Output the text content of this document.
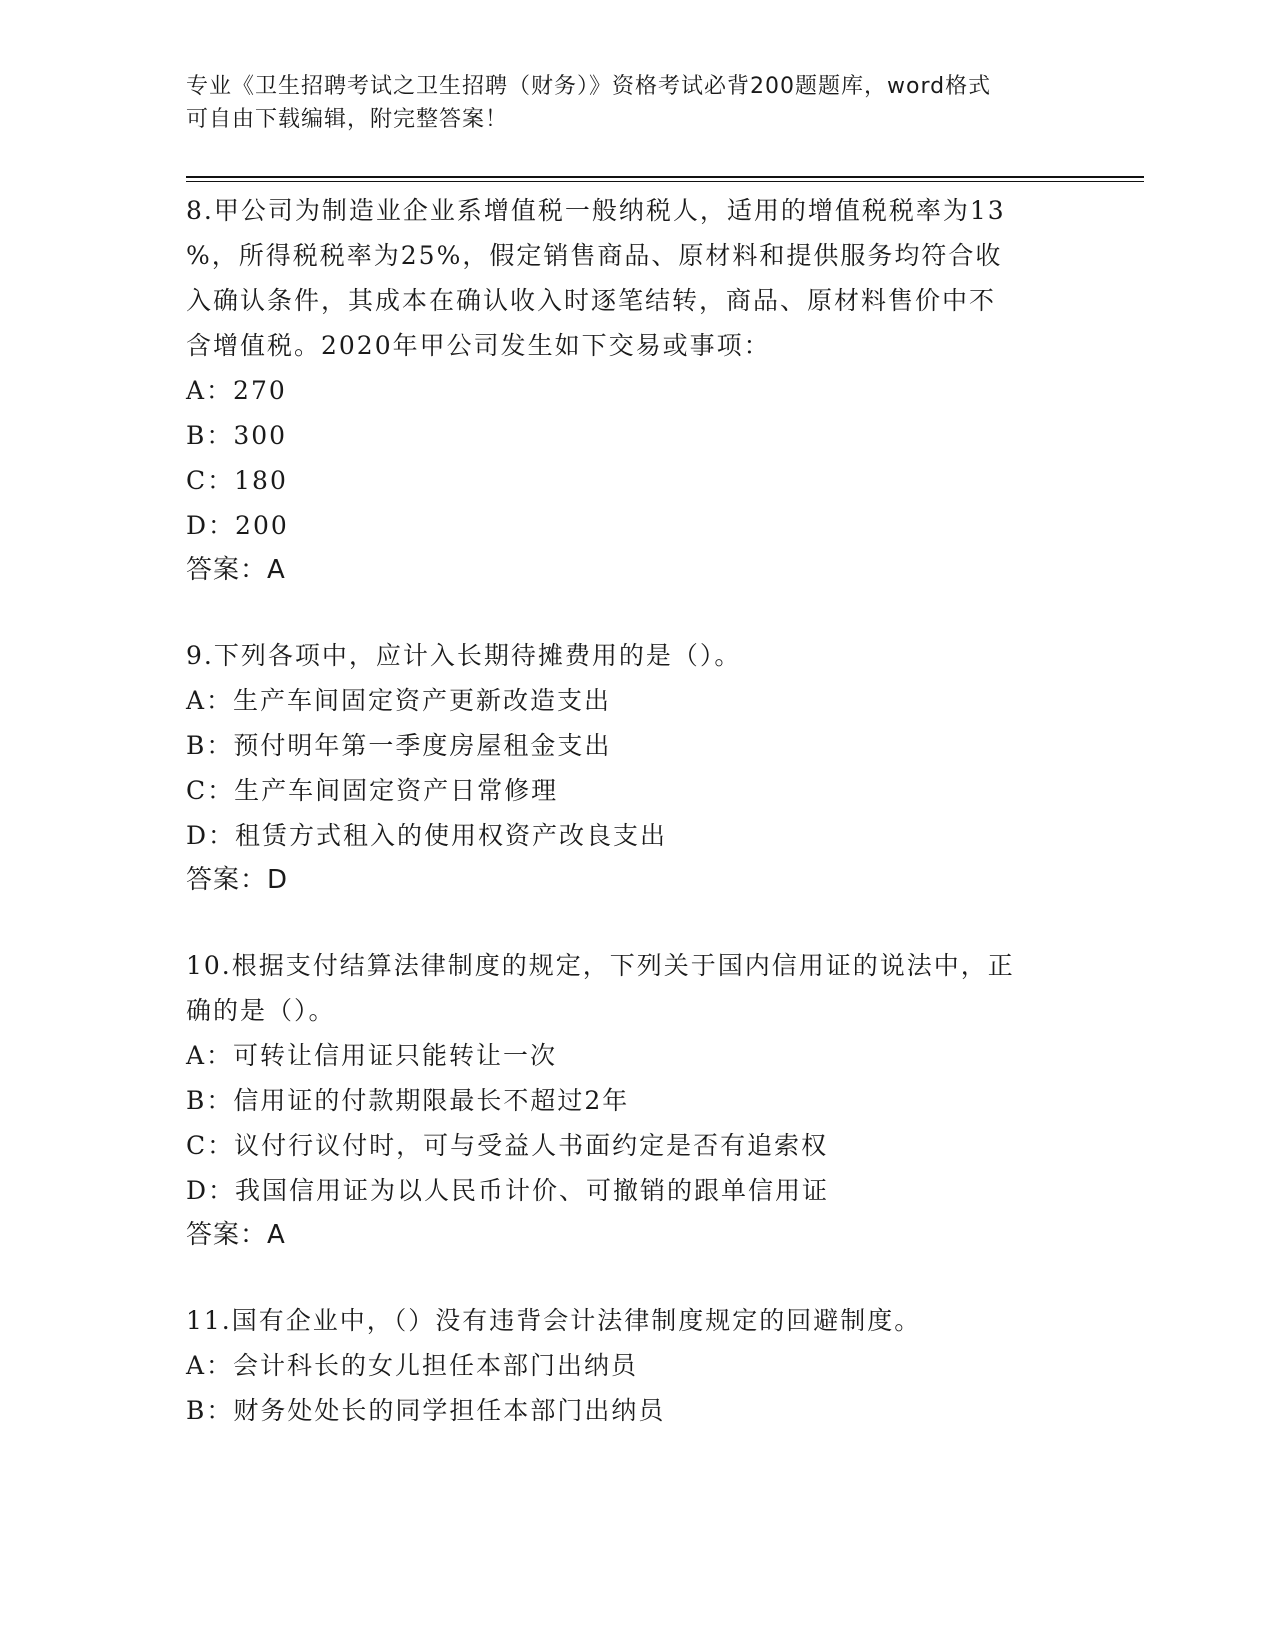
专业《卫生招聘考试之卫生招聘（财务）》资格考试必背200题题库，word格式
可自由下载编辑，附完整答案！
8.甲公司为制造业企业系增值税一般纳税人，适用的增值税税率为13
%，所得税税率为25%，假定销售商品、原材料和提供服务均符合收
入确认条件，其成本在确认收入时逐笔结转，商品、原材料售价中不
含增值税。2020年甲公司发生如下交易或事项：
A：270
B：300
C：180
D：200
答案：A
9.下列各项中，应计入长期待摊费用的是（）。
A：生产车间固定资产更新改造支出
B：预付明年第一季度房屋租金支出
C：生产车间固定资产日常修理
D：租赁方式租入的使用权资产改良支出
答案：D
10.根据支付结算法律制度的规定，下列关于国内信用证的说法中，正
确的是（）。
A：可转让信用证只能转让一次
B：信用证的付款期限最长不超过2年
C：议付行议付时，可与受益人书面约定是否有追索权
D：我国信用证为以人民币计价、可撤销的跟单信用证
答案：A
11.国有企业中，（）没有违背会计法律制度规定的回避制度。
A：会计科长的女儿担任本部门出纳员
B：财务处处长的同学担任本部门出纳员
